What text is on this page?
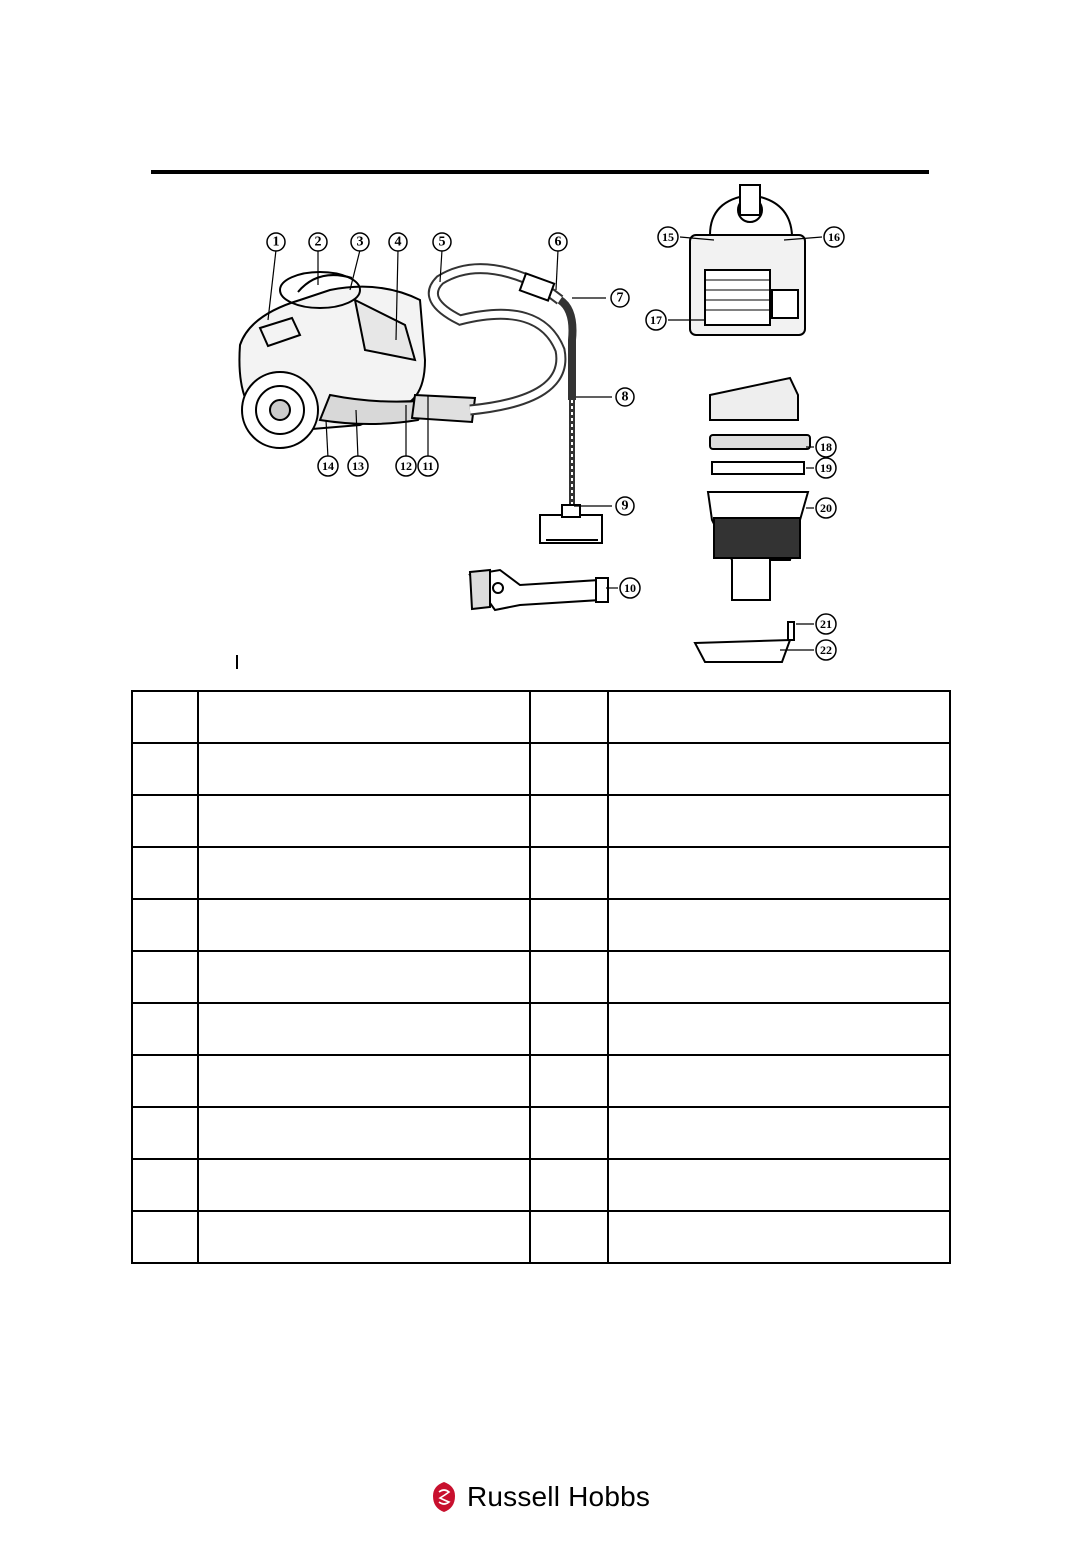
1	2	3 4	5	6
7
8
9
10
11
12
13
14
15	16
17
18
19
20
21
22

Russell Hobbs
